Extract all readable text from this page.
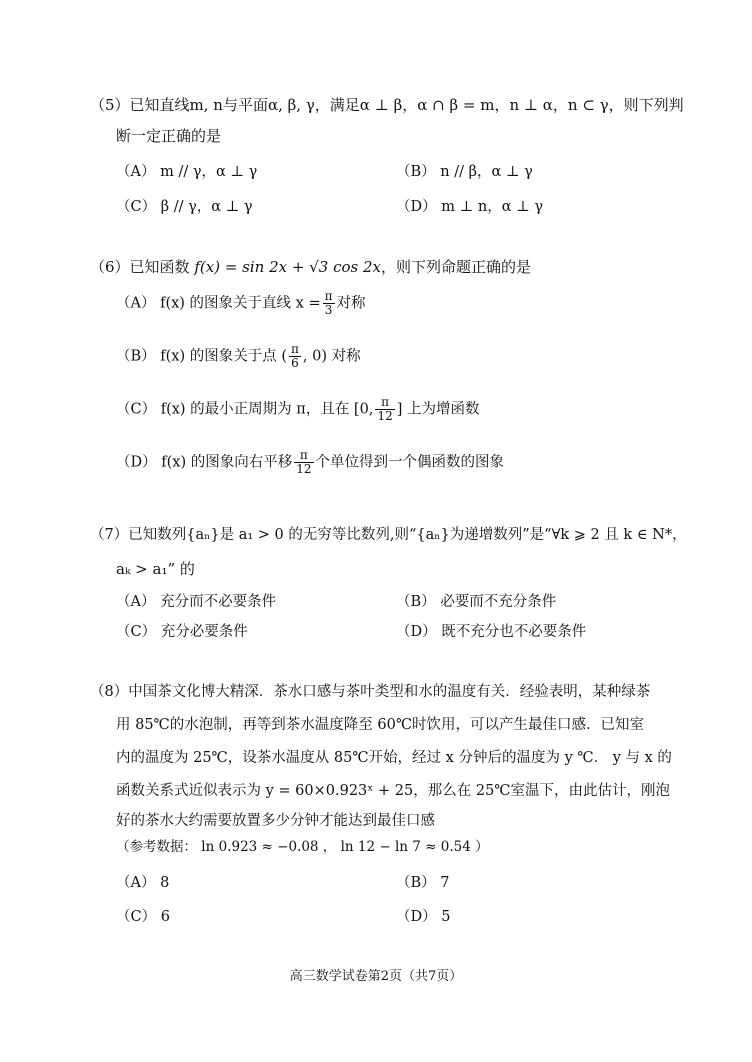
（5）已知直线m, n与平面α, β, γ，满足α ⊥ β，α ∩ β = m，n ⊥ α，n ⊂ γ，则下列判
断一定正确的是
（A） m // γ，α ⊥ γ	（B） n // β，α ⊥ γ
（C） β // γ，α ⊥ γ	（D） m ⊥ n，α ⊥ γ
（6）已知函数 f(x) = sin 2x + √3 cos 2x，则下列命题正确的是
（A） f(x) 的图象关于直线 $x = \frac{\pi}{3}$ 对称
（B） f(x) 的图象关于点 ( $\frac{\pi}{6}$ , 0) 对称
（C） f(x) 的最小正周期为 π，且在 [0, $\frac{\pi}{12}$ ] 上为增函数
（D） f(x) 的图象向右平移 $\frac{\pi}{12}$ 个单位得到一个偶函数的图象
（7）已知数列{aₙ}是 a₁ > 0 的无穷等比数列,则“{aₙ}为递增数列”是“∀k ⩾ 2 且 k ∈ N*，
aₖ > a₁” 的
（A） 充分而不必要条件	（B） 必要而不充分条件
（C） 充分必要条件	（D） 既不充分也不必要条件
（8）中国茶文化博大精深．茶水口感与茶叶类型和水的温度有关．经验表明，某种绿茶
用 85℃的水泡制，再等到茶水温度降至 60℃时饮用，可以产生最佳口感．已知室
内的温度为 25℃，设茶水温度从 85℃开始，经过 x 分钟后的温度为 y ℃． y 与 x 的
函数关系式近似表示为 y = 60×0.923ˣ + 25，那么在 25℃室温下，由此估计，刚泡
好的茶水大约需要放置多少分钟才能达到最佳口感
（参考数据： ln 0.923 ≈ −0.08 ， ln 12 − ln 7 ≈ 0.54 ）
（A） 8	（B） 7
（C） 6	（D） 5
高三数学试卷第2页（共7页）
